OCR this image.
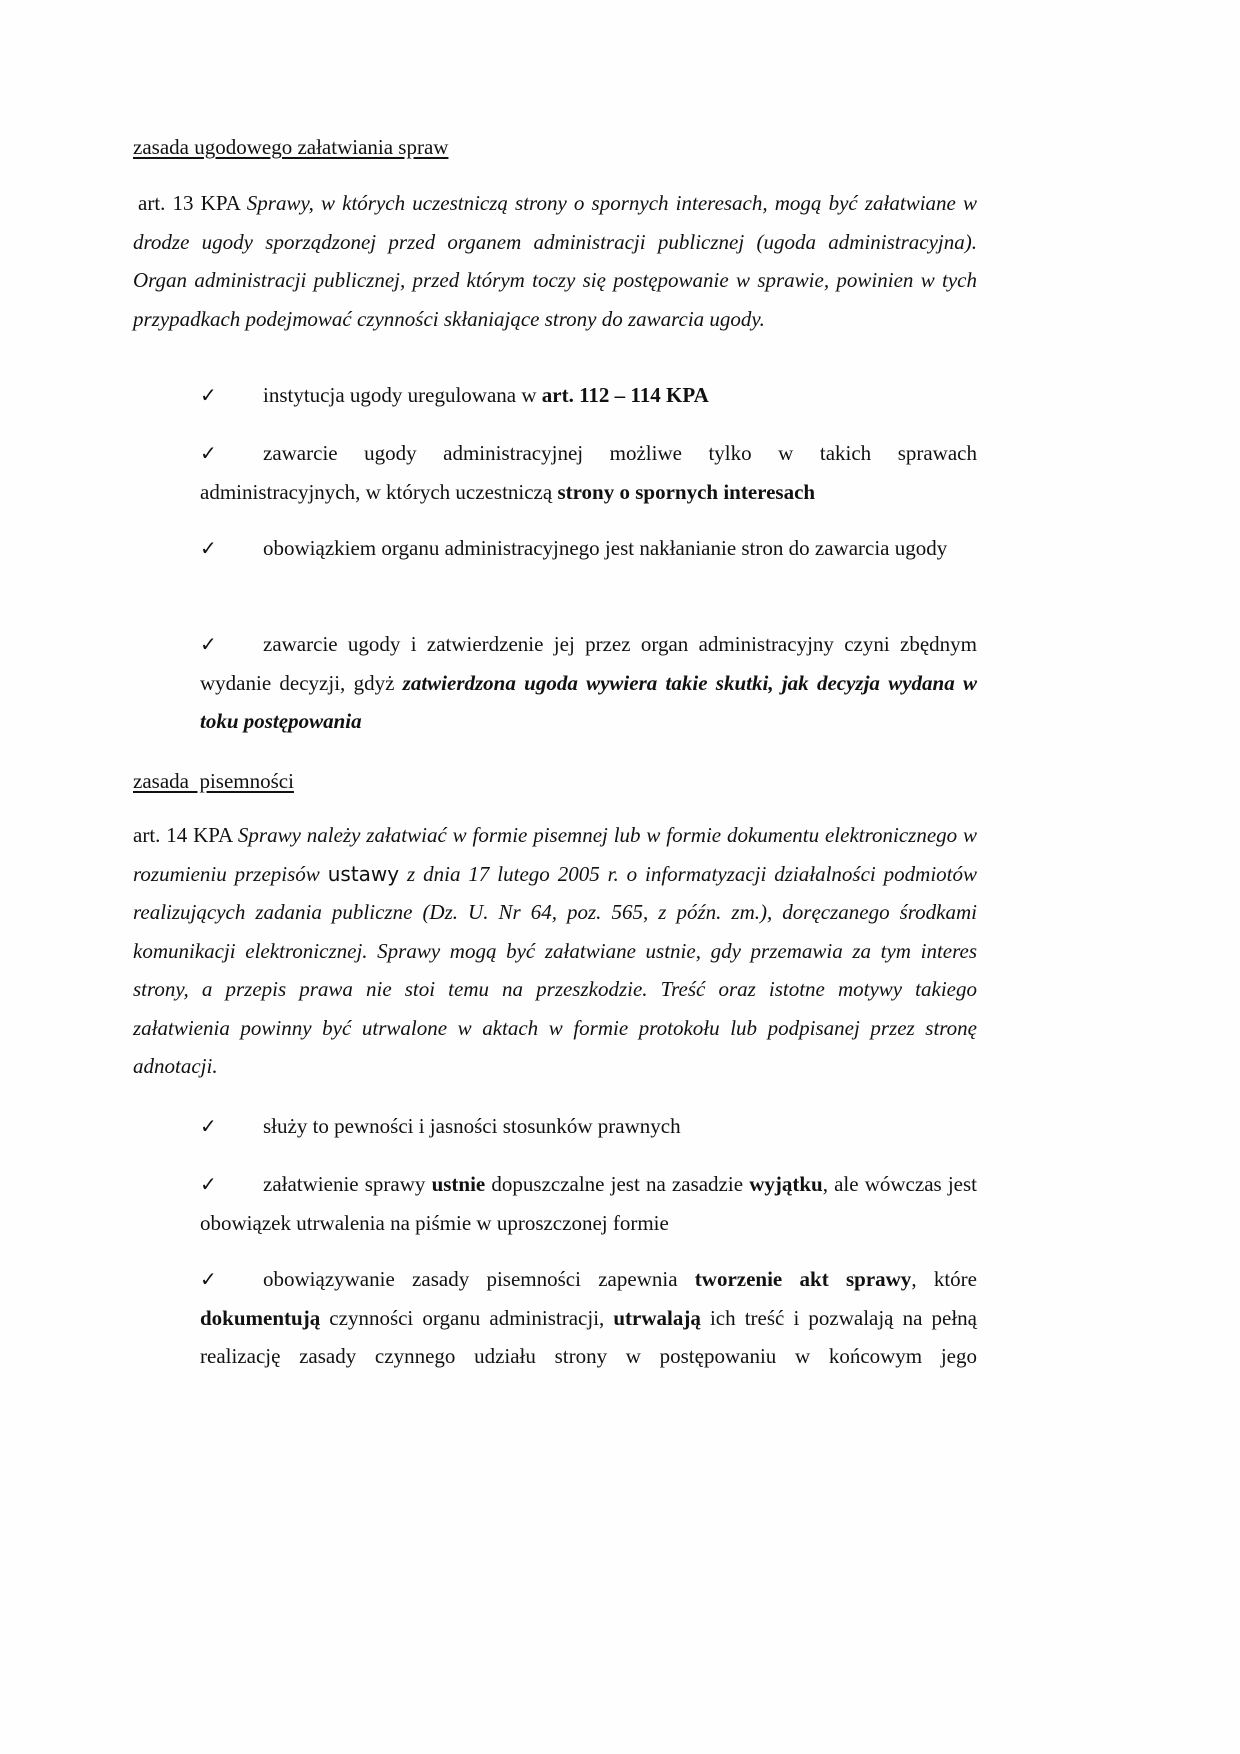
zasada ugodowego załatwiania spraw
art. 13 KPA Sprawy, w których uczestniczą strony o spornych interesach, mogą być załatwiane w drodze ugody sporządzonej przed organem administracji publicznej (ugoda administracyjna). Organ administracji publicznej, przed którym toczy się postępowanie w sprawie, powinien w tych przypadkach podejmować czynności skłaniające strony do zawarcia ugody.
✓ instytucja ugody uregulowana w art. 112 – 114 KPA
✓ zawarcie ugody administracyjnej możliwe tylko w takich sprawach administracyjnych, w których uczestniczą strony o spornych interesach
✓ obowiązkiem organu administracyjnego jest nakłanianie stron do zawarcia ugody
✓ zawarcie ugody i zatwierdzenie jej przez organ administracyjny czyni zbędnym wydanie decyzji, gdyż zatwierdzona ugoda wywiera takie skutki, jak decyzja wydana w toku postępowania
zasada  pisemności
art. 14 KPA Sprawy należy załatwiać w formie pisemnej lub w formie dokumentu elektronicznego w rozumieniu przepisów ustawy z dnia 17 lutego 2005 r. o informatyzacji działalności podmiotów realizujących zadania publiczne (Dz. U. Nr 64, poz. 565, z późn. zm.), doręczanego środkami komunikacji elektronicznej. Sprawy mogą być załatwiane ustnie, gdy przemawia za tym interes strony, a przepis prawa nie stoi temu na przeszkodzie. Treść oraz istotne motywy takiego załatwienia powinny być utrwalone w aktach w formie protokołu lub podpisanej przez stronę adnotacji.
✓ służy to pewności i jasności stosunków prawnych
✓ załatwienie sprawy ustnie dopuszczalne jest na zasadzie wyjątku, ale wówczas jest obowiązek utrwalenia na piśmie w uproszczonej formie
✓ obowiązywanie zasady pisemności zapewnia tworzenie akt sprawy, które dokumentują czynności organu administracji, utrwalają ich treść i pozwalają na pełną realizację zasady czynnego udziału strony w postępowaniu w końcowym jego
